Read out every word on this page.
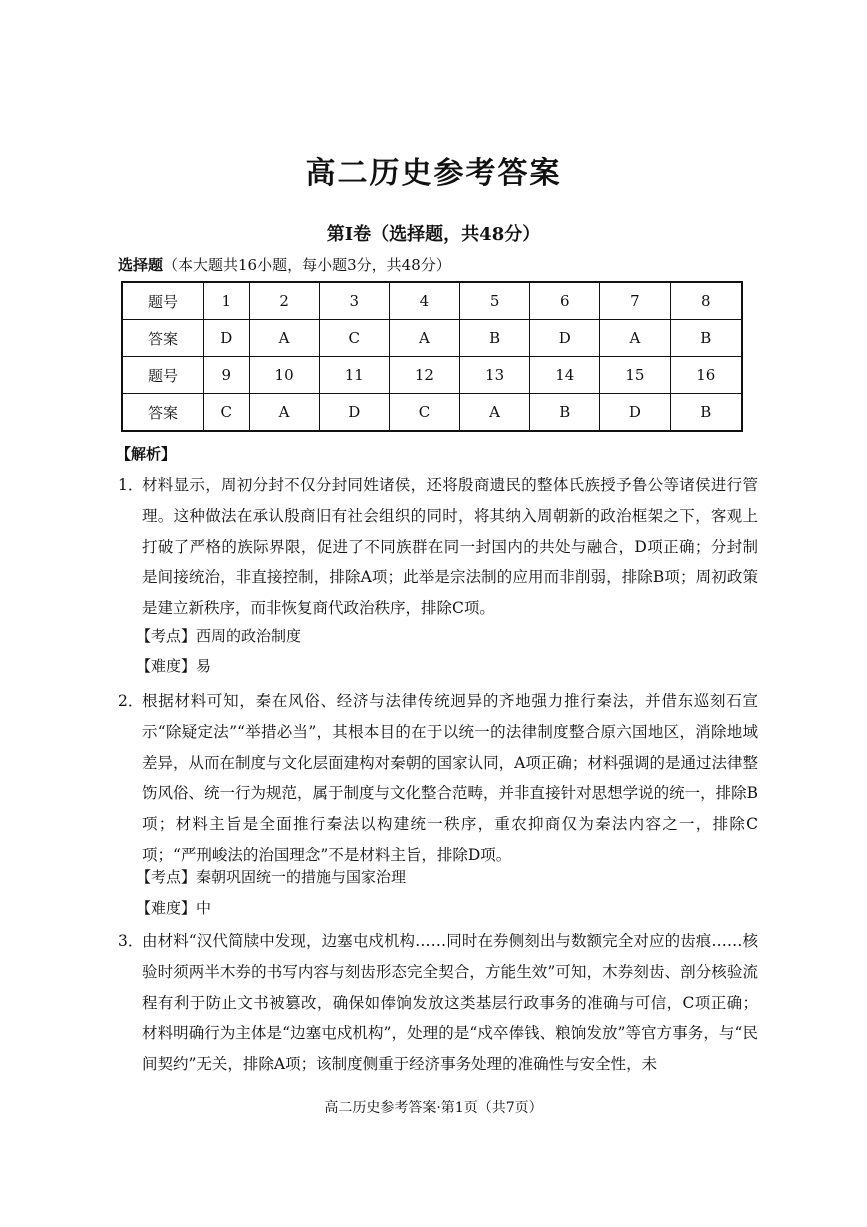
高二历史参考答案
第Ⅰ卷（选择题，共48分）
选择题（本大题共16小题，每小题3分，共48分）
题号	1	2	3	4	5	6	7	8
答案	D	A	C	A	B	D	A	B
题号	9	10	11	12	13	14	15	16
答案	C	A	D	C	A	B	D	B
【解析】
1．
材料显示，周初分封不仅分封同姓诸侯，还将殷商遗民的整体氏族授予鲁公等诸侯进行管理。这种做法在承认殷商旧有社会组织的同时，将其纳入周朝新的政治框架之下，客观上打破了严格的族际界限，促进了不同族群在同一封国内的共处与融合，D项正确；分封制是间接统治，非直接控制，排除A项；此举是宗法制的应用而非削弱，排除B项；周初政策是建立新秩序，而非恢复商代政治秩序，排除C项。
【考点】西周的政治制度
【难度】易
2．
根据材料可知，秦在风俗、经济与法律传统迥异的齐地强力推行秦法，并借东巡刻石宣示“除疑定法”“举措必当”，其根本目的在于以统一的法律制度整合原六国地区，消除地域差异，从而在制度与文化层面建构对秦朝的国家认同，A项正确；材料强调的是通过法律整饬风俗、统一行为规范，属于制度与文化整合范畴，并非直接针对思想学说的统一，排除B项；材料主旨是全面推行秦法以构建统一秩序，重农抑商仅为秦法内容之一，排除C项；“严刑峻法的治国理念”不是材料主旨，排除D项。
【考点】秦朝巩固统一的措施与国家治理
【难度】中
3．
由材料“汉代简牍中发现，边塞屯戍机构……同时在券侧刻出与数额完全对应的齿痕……核验时须两半木券的书写内容与刻齿形态完全契合，方能生效”可知，木券刻齿、剖分核验流程有利于防止文书被篡改，确保如俸饷发放这类基层行政事务的准确与可信，C项正确；材料明确行为主体是“边塞屯戍机构”，处理的是“戍卒俸钱、粮饷发放”等官方事务，与“民间契约”无关，排除A项；该制度侧重于经济事务处理的准确性与安全性，未
高二历史参考答案·第1页（共7页）
